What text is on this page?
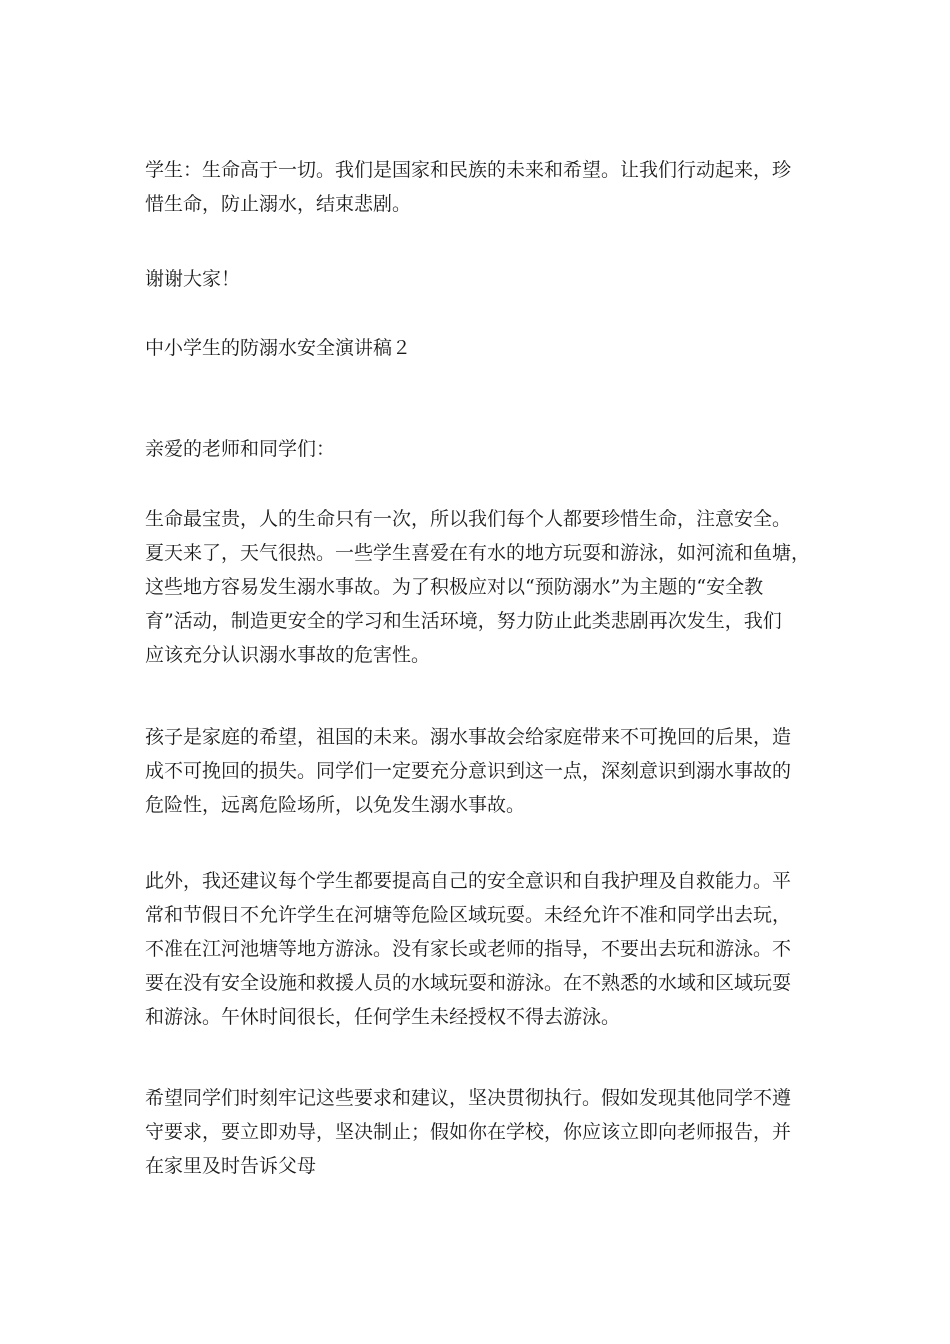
学生：生命高于一切。我们是国家和民族的未来和希望。让我们行动起来，珍
惜生命，防止溺水，结束悲剧。
谢谢大家！
中小学生的防溺水安全演讲稿２
亲爱的老师和同学们：
生命最宝贵，人的生命只有一次，所以我们每个人都要珍惜生命，注意安全。
夏天来了，天气很热。一些学生喜爱在有水的地方玩耍和游泳，如河流和鱼塘，
这些地方容易发生溺水事故。为了积极应对以“预防溺水”为主题的“安全教
育”活动，制造更安全的学习和生活环境，努力防止此类悲剧再次发生，我们
应该充分认识溺水事故的危害性。
孩子是家庭的希望，祖国的未来。溺水事故会给家庭带来不可挽回的后果，造
成不可挽回的损失。同学们一定要充分意识到这一点，深刻意识到溺水事故的
危险性，远离危险场所，以免发生溺水事故。
此外，我还建议每个学生都要提高自己的安全意识和自我护理及自救能力。平
常和节假日不允许学生在河塘等危险区域玩耍。未经允许不准和同学出去玩，
不准在江河池塘等地方游泳。没有家长或老师的指导，不要出去玩和游泳。不
要在没有安全设施和救援人员的水域玩耍和游泳。在不熟悉的水域和区域玩耍
和游泳。午休时间很长，任何学生未经授权不得去游泳。
希望同学们时刻牢记这些要求和建议，坚决贯彻执行。假如发现其他同学不遵
守要求，要立即劝导，坚决制止；假如你在学校，你应该立即向老师报告，并
在家里及时告诉父母
